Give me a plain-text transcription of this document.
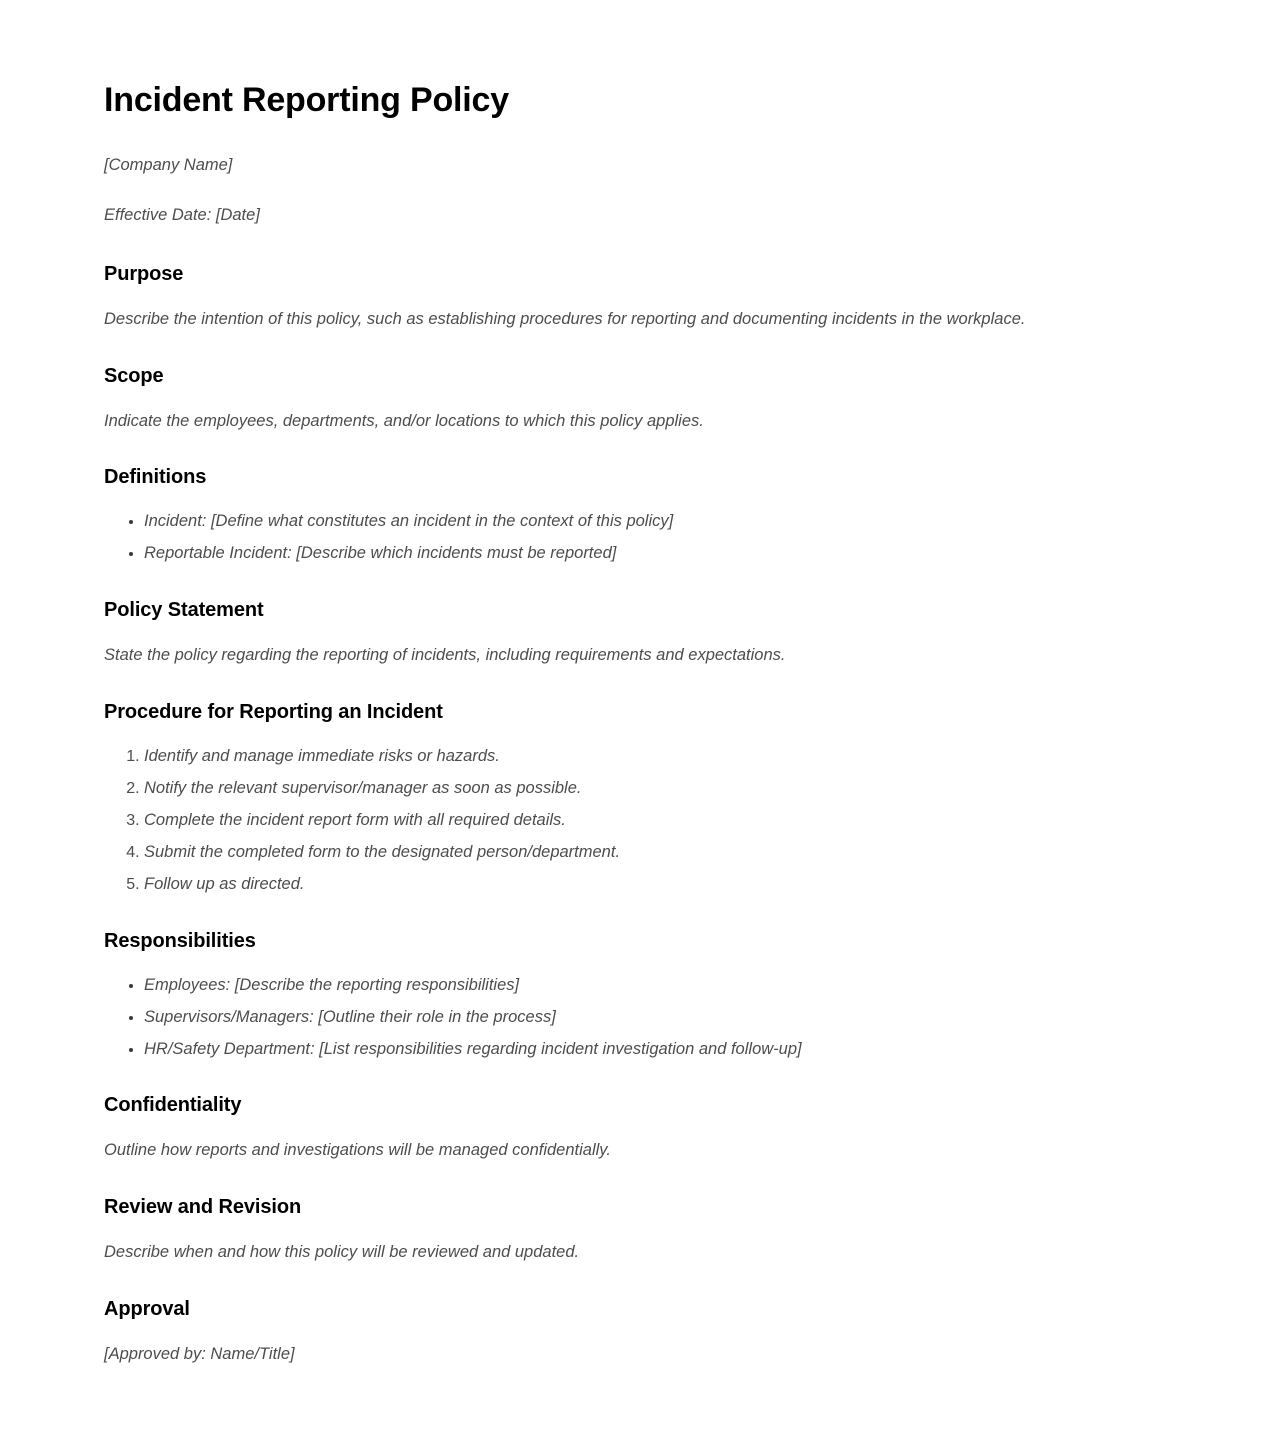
Incident Reporting Policy

[Company Name]

Effective Date: [Date]

Purpose

Describe the intention of this policy, such as establishing procedures for reporting and documenting incidents in the workplace.

Scope

Indicate the employees, departments, and/or locations to which this policy applies.

Definitions
• Incident: [Define what constitutes an incident in the context of this policy]
• Reportable Incident: [Describe which incidents must be reported]
Policy Statement

State the policy regarding the reporting of incidents, including requirements and expectations.

Procedure for Reporting an Incident
1. Identify and manage immediate risks or hazards.
2. Notify the relevant supervisor/manager as soon as possible.
3. Complete the incident report form with all required details.
4. Submit the completed form to the designated person/department.
5. Follow up as directed.
Responsibilities
• Employees: [Describe the reporting responsibilities]
• Supervisors/Managers: [Outline their role in the process]
• HR/Safety Department: [List responsibilities regarding incident investigation and follow-up]
Confidentiality

Outline how reports and investigations will be managed confidentially.

Review and Revision

Describe when and how this policy will be reviewed and updated.

Approval

[Approved by: Name/Title]
